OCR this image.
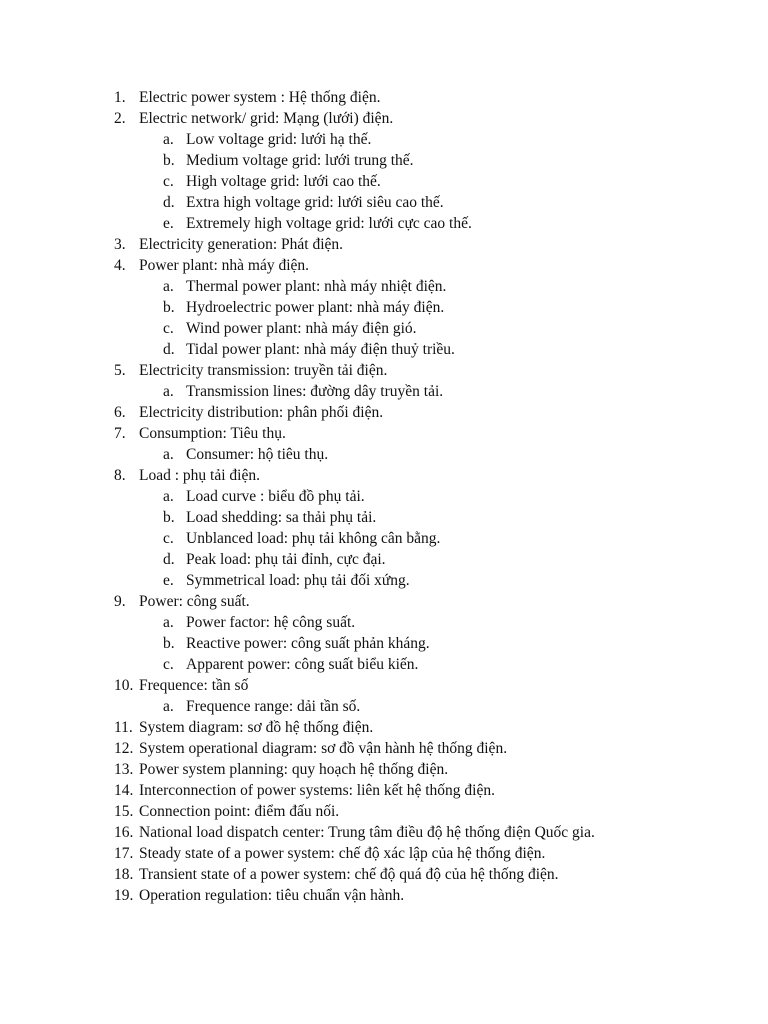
1. Electric power system : Hệ thống điện.
2. Electric network/ grid: Mạng (lưới) điện.
a. Low voltage grid: lưới hạ thế.
b. Medium voltage grid: lưới trung thế.
c. High voltage grid: lưới cao thế.
d. Extra high voltage grid: lưới siêu cao thế.
e. Extremely high voltage grid: lưới cực cao thế.
3. Electricity generation: Phát điện.
4. Power plant: nhà máy điện.
a. Thermal power plant: nhà máy nhiệt điện.
b. Hydroelectric power plant: nhà máy điện.
c. Wind power plant: nhà máy điện gió.
d. Tidal power plant: nhà máy điện thuỷ triều.
5. Electricity transmission: truyền tải điện.
a. Transmission lines: đường dây truyền tải.
6. Electricity distribution: phân phối điện.
7. Consumption: Tiêu thụ.
a. Consumer: hộ tiêu thụ.
8. Load : phụ tải điện.
a. Load curve : biểu đồ phụ tải.
b. Load shedding: sa thải phụ tải.
c. Unblanced load: phụ tải không cân bằng.
d. Peak load: phụ tải đỉnh, cực đại.
e. Symmetrical load: phụ tải đối xứng.
9. Power: công suất.
a. Power factor: hệ công suất.
b. Reactive power: công suất phản kháng.
c. Apparent power: công suất biểu kiến.
10. Frequence: tần số
a. Frequence range: dải tần số.
11. System diagram: sơ đồ hệ thống điện.
12. System operational diagram: sơ đồ vận hành hệ thống điện.
13. Power system planning: quy hoạch hệ thống điện.
14. Interconnection of power systems: liên kết hệ thống điện.
15. Connection point: điểm đấu nối.
16. National load dispatch center: Trung tâm điều độ hệ thống điện Quốc gia.
17. Steady state of a power system: chế độ xác lập của hệ thống điện.
18. Transient state of a power system: chế độ quá độ của hệ thống điện.
19. Operation regulation: tiêu chuẩn vận hành.
